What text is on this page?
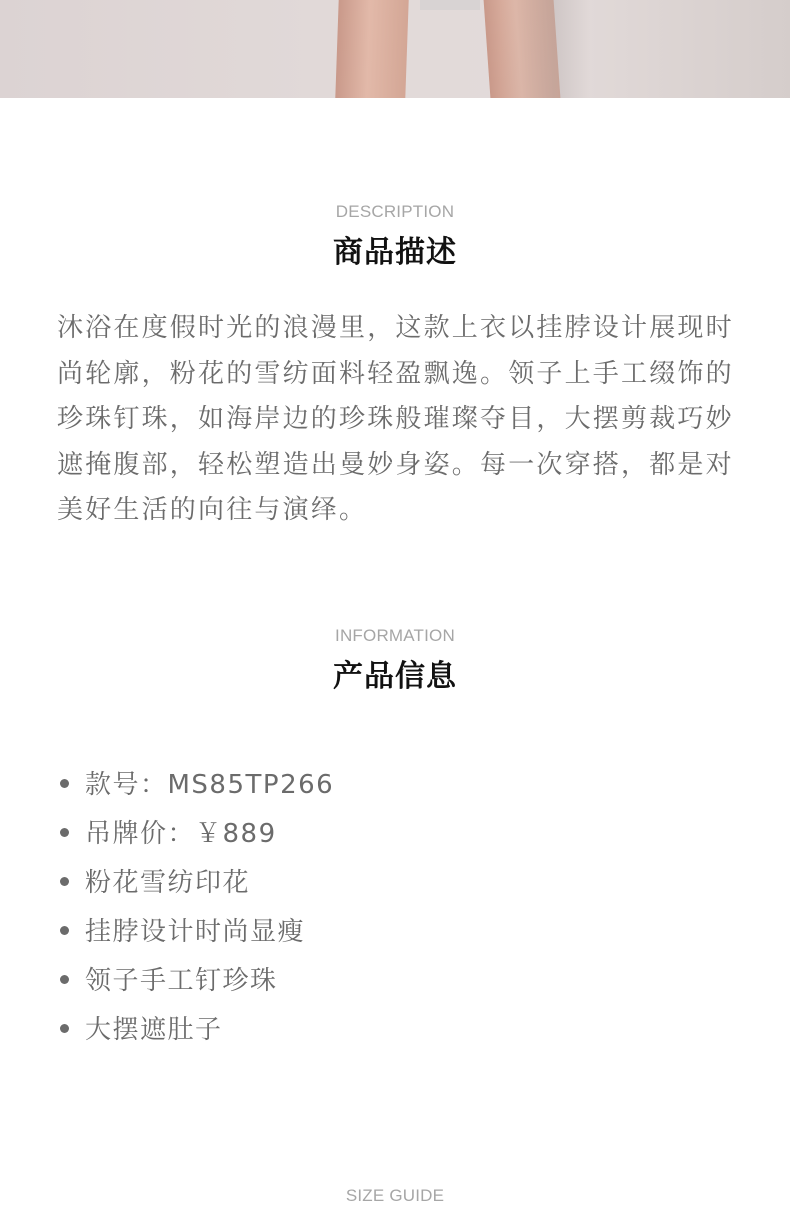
DESCRIPTION
商品描述

沐浴在度假时光的浪漫里，这款上衣以挂脖设计展现时尚轮廓，粉花的雪纺面料轻盈飘逸。领子上手工缀饰的珍珠钉珠，如海岸边的珍珠般璀璨夺目，大摆剪裁巧妙遮掩腹部，轻松塑造出曼妙身姿。每一次穿搭，都是对美好生活的向往与演绎。

INFORMATION
产品信息
款号：MS85TP266
吊牌价：￥889
粉花雪纺印花
挂脖设计时尚显瘦
领子手工钉珍珠
大摆遮肚子
SIZE GUIDE
